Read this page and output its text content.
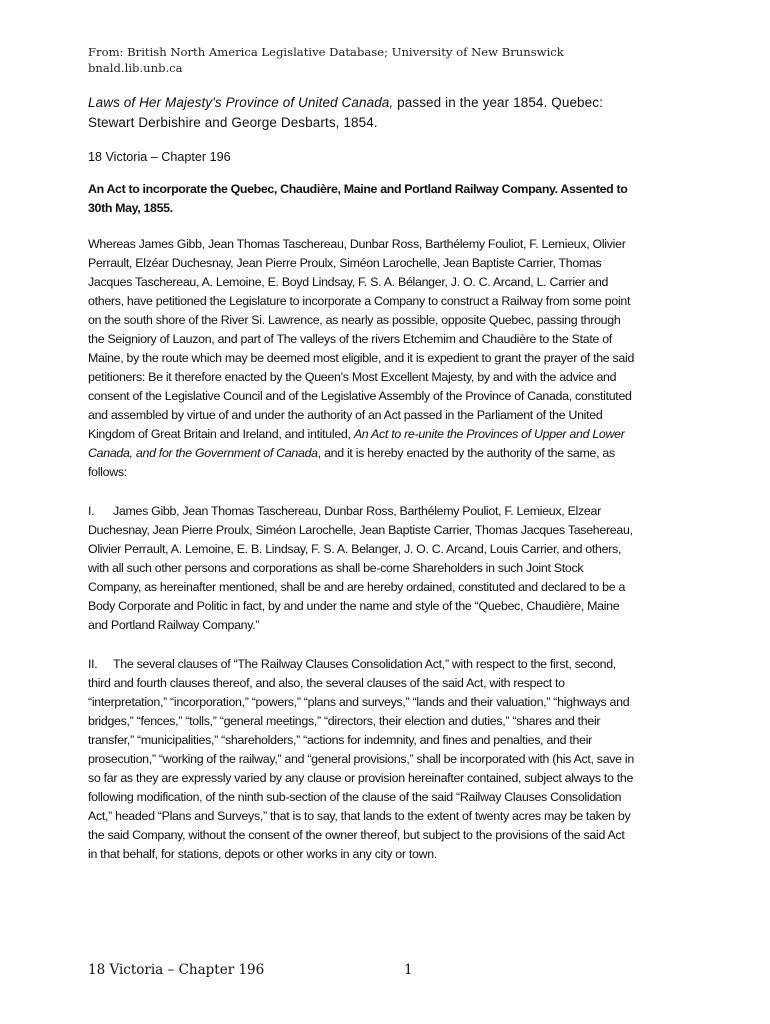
From: British North America Legislative Database; University of New Brunswick
bnald.lib.unb.ca
Laws of Her Majesty's Province of United Canada, passed in the year 1854. Quebec: Stewart Derbishire and George Desbarts, 1854.
18 Victoria – Chapter 196
An Act to incorporate the Quebec, Chaudière, Maine and Portland Railway Company. Assented to 30th May, 1855.
Whereas James Gibb, Jean Thomas Taschereau, Dunbar Ross, Barthélemy Fouliot, F. Lemieux, Olivier Perrault, Elzéar Duchesnay, Jean Pierre Proulx, Siméon Larochelle, Jean Baptiste Carrier, Thomas Jacques Taschereau, A. Lemoine, E. Boyd Lindsay, F. S. A. Bélanger, J. O. C. Arcand, L. Carrier and others, have petitioned the Legislature to incorporate a Company to construct a Railway from some point on the south shore of the River Si. Lawrence, as nearly as possible, opposite Quebec, passing through the Seigniory of Lauzon, and part of The valleys of the rivers Etchemim and Chaudière to the State of Maine, by the route which may be deemed most eligible, and it is expedient to grant the prayer of the said petitioners: Be it therefore enacted by the Queen’s Most Excellent Majesty, by and with the advice and consent of the Legislative Council and of the Legislative Assembly of the Province of Canada, constituted and assembled by virtue of and under the authority of an Act passed in the Parliament of the United Kingdom of Great Britain and Ireland, and intituled, An Act to re-unite the Provinces of Upper and Lower Canada, and for the Government of Canada, and it is hereby enacted by the authority of the same, as follows:
I. James Gibb, Jean Thomas Taschereau, Dunbar Ross, Barthélemy Pouliot, F. Lemieux, Elzear Duchesnay, Jean Pierre Proulx, Siméon Larochelle, Jean Baptiste Carrier, Thomas Jacques Tasehereau, Olivier Perrault, A. Lemoine, E. B. Lindsay, F. S. A. Belanger, J. O. C. Arcand, Louis Carrier, and others, with all such other persons and corporations as shall be-come Shareholders in such Joint Stock Company, as hereinafter mentioned, shall be and are hereby ordained, constituted and declared to be a Body Corporate and Politic in fact, by and under the name and style of the “Quebec, Chaudière, Maine and Portland Railway Company.”
II. The several clauses of “The Railway Clauses Consolidation Act,” with respect to the first, second, third and fourth clauses thereof, and also, the several clauses of the said Act, with respect to “interpretation,” “incorporation,” “powers,” “plans and surveys,” “lands and their valuation,” “highways and bridges,” “fences,” “tolls,” “general meetings,” “directors, their election and duties,” “shares and their transfer,” “municipalities,” “shareholders,” “actions for indemnity, and fines and penalties, and their prosecution,” “working of the railway,” and “general provisions,” shall be incorporated with (his Act, save in so far as they are expressly varied by any clause or provision hereinafter contained, subject always to the following modification, of the ninth sub-section of the clause of the said “Railway Clauses Consolidation Act,” headed “Plans and Surveys,” that is to say, that lands to the extent of twenty acres may be taken by the said Company, without the consent of the owner thereof, but subject to the provisions of the said Act in that behalf, for stations, depots or other works in any city or town.
18 Victoria – Chapter 196	1
